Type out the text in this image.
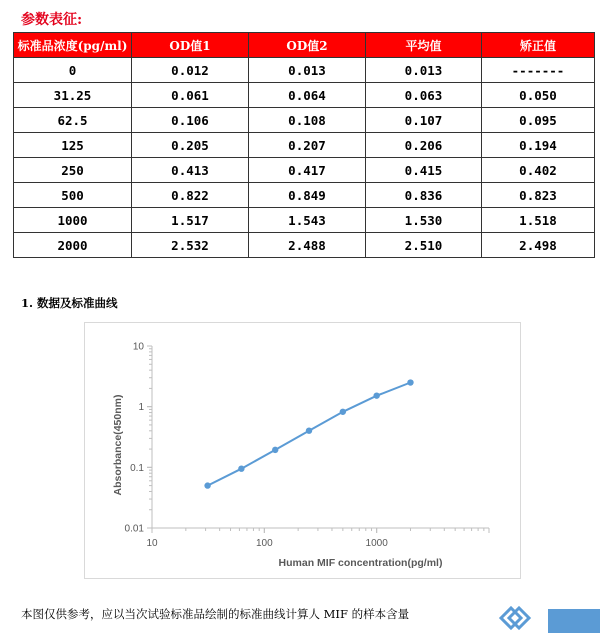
参数表征:
标准品浓度(pg/ml)	OD值1	OD值2	平均值	矫正值
0	0.012	0.013	0.013	-------
31.25	0.061	0.064	0.063	0.050
62.5	0.106	0.108	0.107	0.095
125	0.205	0.207	0.206	0.194
250	0.413	0.417	0.415	0.402
500	0.822	0.849	0.836	0.823
1000	1.517	1.543	1.530	1.518
2000	2.532	2.488	2.510	2.498
1. 数据及标准曲线
10	100	1000
10
1
0.1
0.01
Human MIF concentration(pg/ml)
Absorbance(450nm)
本图仅供参考，应以当次试验标准品绘制的标准曲线计算人 MIF 的样本含量
